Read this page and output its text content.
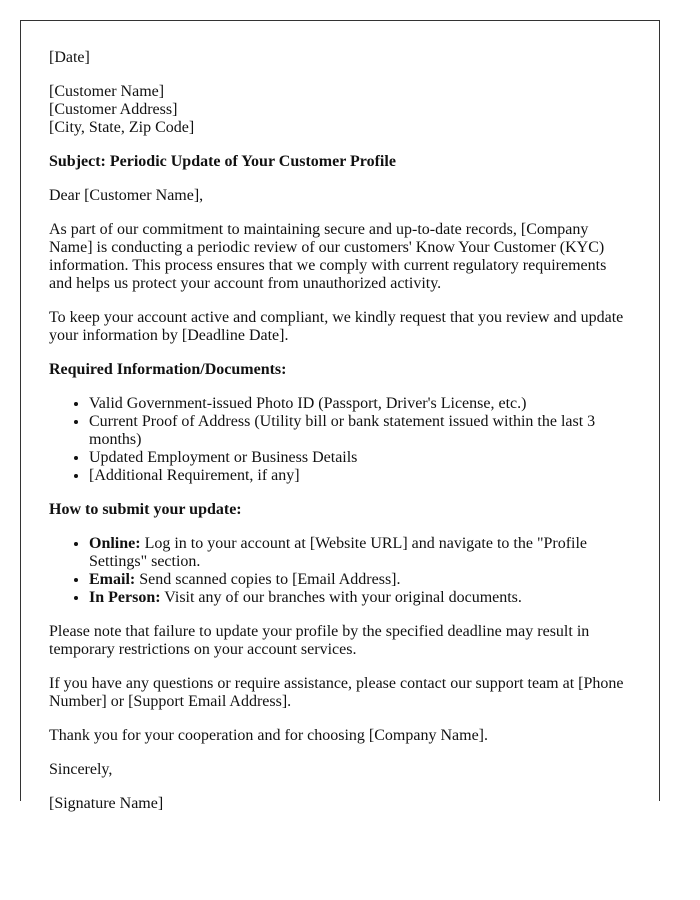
[Date]

[Customer Name]

[Customer Address]

[City, State, Zip Code]

Subject: Periodic Update of Your Customer Profile

Dear [Customer Name],

As part of our commitment to maintaining secure and up-to-date records, [Company Name] is conducting a periodic review of our customers' Know Your Customer (KYC) information. This process ensures that we comply with current regulatory requirements and helps us protect your account from unauthorized activity.

To keep your account active and compliant, we kindly request that you review and update your information by [Deadline Date].

Required Information/Documents:

• Valid Government-issued Photo ID (Passport, Driver's License, etc.)
• Current Proof of Address (Utility bill or bank statement issued within the last 3 months)
• Updated Employment or Business Details
• [Additional Requirement, if any]

How to submit your update:

• Online: Log in to your account at [Website URL] and navigate to the "Profile Settings" section.
• Email: Send scanned copies to [Email Address].
• In Person: Visit any of our branches with your original documents.

Please note that failure to update your profile by the specified deadline may result in temporary restrictions on your account services.

If you have any questions or require assistance, please contact our support team at [Phone Number] or [Support Email Address].

Thank you for your cooperation and for choosing [Company Name].

Sincerely,

[Signature Name]
